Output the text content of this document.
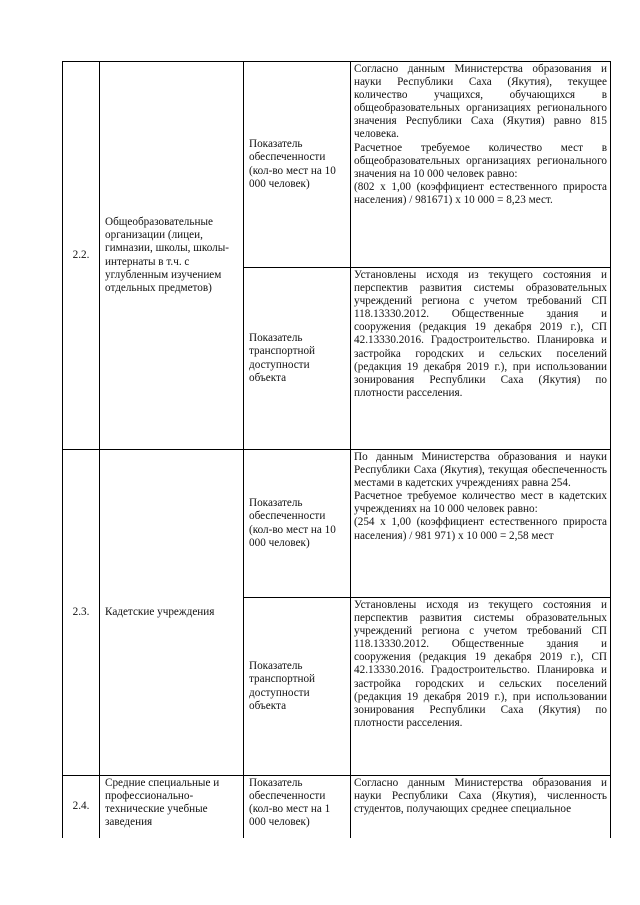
2.2.	Общеобразовательные организации (лицеи, гимназии, школы, школы-интернаты в т.ч. с углубленным изучением отдельных предметов)	Показатель обеспеченности (кол-во мест на 10 000 человек)	Согласно данным Министерства образования и науки Республики Саха (Якутия), текущее количество учащихся, обучающихся в общеобразовательных организациях регионального значения Республики Саха (Якутия) равно 815 человека.

Расчетное требуемое количество мест в общеобразовательных организациях регионального значения на 10 000 человек равно:

(802 х 1,00 (коэффициент естественного прироста населения) / 981671) х 10 000 = 8,23 мест.

		Показатель транспортной доступности объекта	Установлены исходя из текущего состояния и перспектив развития системы образовательных учреждений региона с учетом требований СП 118.13330.2012. Общественные здания и сооружения (редакция 19 декабря 2019 г.), СП 42.13330.2016. Градостроительство. Планировка и застройка городских и сельских поселений (редакция 19 декабря 2019 г.), при использовании зонирования Республики Саха (Якутия) по плотности расселения.

2.3.	Кадетские учреждения	Показатель обеспеченности (кол-во мест на 10 000 человек)	По данным Министерства образования и науки Республики Саха (Якутия), текущая обеспеченность местами в кадетских учреждениях равна 254.

Расчетное требуемое количество мест в кадетских учреждениях на 10 000 человек равно:

(254 х 1,00 (коэффициент естественного прироста населения) / 981 971) х 10 000 = 2,58 мест

		Показатель транспортной доступности объекта	Установлены исходя из текущего состояния и перспектив развития системы образовательных учреждений региона с учетом требований СП 118.13330.2012. Общественные здания и сооружения (редакция 19 декабря 2019 г.), СП 42.13330.2016. Градостроительство. Планировка и застройка городских и сельских поселений (редакция 19 декабря 2019 г.), при использовании зонирования Республики Саха (Якутия) по плотности расселения.

2.4.	Средние специальные и профессионально-технические учебные заведения	Показатель обеспеченности (кол-во мест на 1 000 человек)	Согласно данным Министерства образования и науки Республики Саха (Якутия), численность студентов, получающих среднее специальное
